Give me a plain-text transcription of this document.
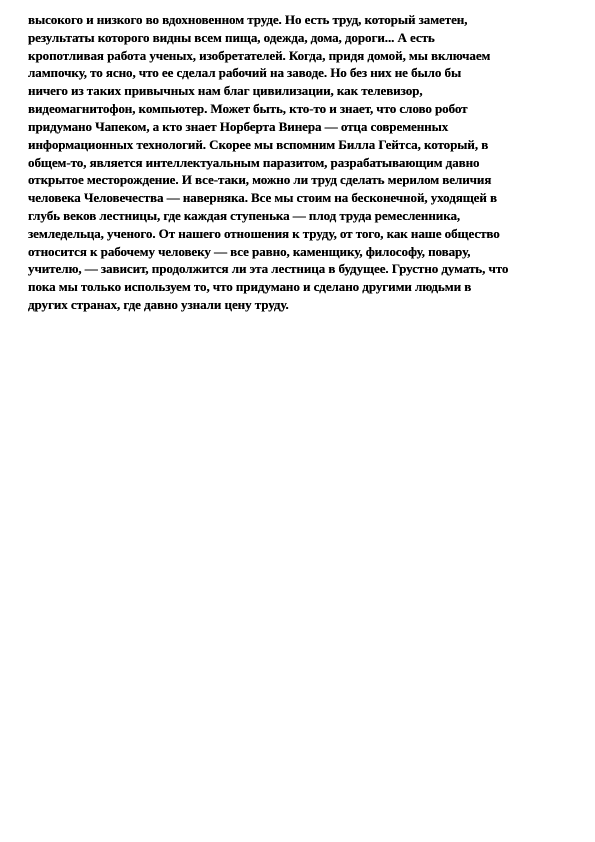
высокого и низкого во вдохновенном труде. Но есть труд, который заметен,
результаты которого видны всем пища, одежда, дома, дороги... А есть
кропотливая работа ученых, изобретателей. Когда, придя домой, мы включаем
лампочку, то ясно, что ее сделал рабочий на заводе. Но без них не было бы
ничего из таких привычных нам благ цивилизации, как телевизор,
видеомагнитофон, компьютер. Может быть, кто-то и знает, что слово робот
придумано Чапеком, а кто знает Норберта Винера — отца современных
информационных технологий. Скорее мы вспомним Билла Гейтса, который, в
общем-то, является интеллектуальным паразитом, разрабатывающим давно
открытое месторождение. И все-таки, можно ли труд сделать мерилом величия
человека Человечества — наверняка. Все мы стоим на бесконечной, уходящей в
глубь веков лестницы, где каждая ступенька — плод труда ремесленника,
земледельца, ученого. От нашего отношения к труду, от того, как наше общество
относится к рабочему человеку — все равно, каменщику, философу, повару,
учителю, — зависит, продолжится ли эта лестница в будущее. Грустно думать, что
пока мы только используем то, что придумано и сделано другими людьми в
других странах, где давно узнали цену труду.
